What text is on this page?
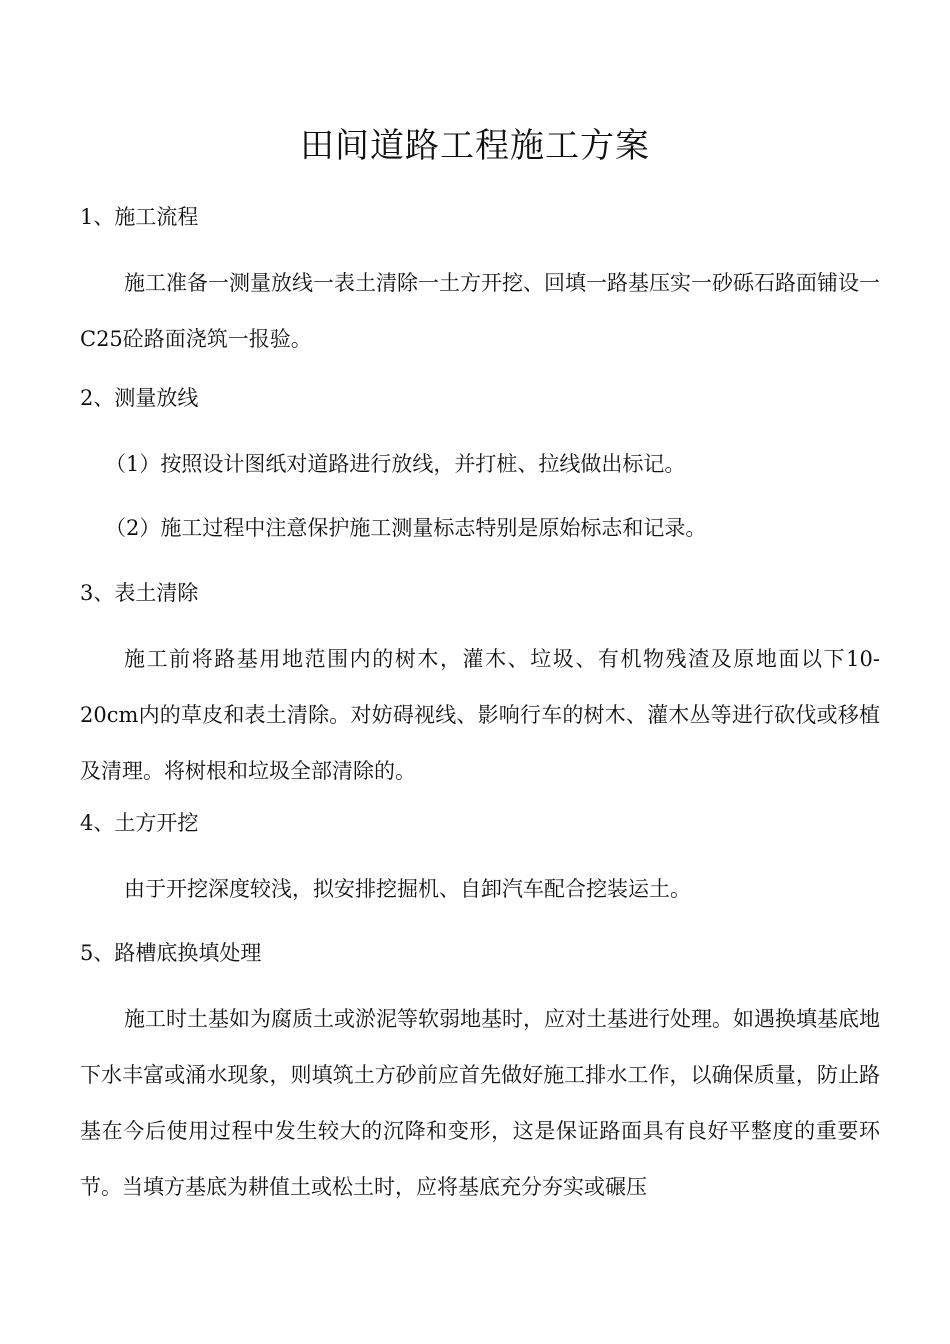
田间道路工程施工方案
1、施工流程
施工准备一测量放线一表土清除一土方开挖、回填一路基压实一砂砾石路面铺设一C25砼路面浇筑一报验。
2、测量放线
（1）按照设计图纸对道路进行放线，并打桩、拉线做出标记。
（2）施工过程中注意保护施工测量标志特别是原始标志和记录。
3、表土清除
施工前将路基用地范围内的树木，灌木、垃圾、有机物残渣及原地面以下10-20cm内的草皮和表土清除。对妨碍视线、影响行车的树木、灌木丛等进行砍伐或移植及清理。将树根和垃圾全部清除的。
4、土方开挖
由于开挖深度较浅，拟安排挖掘机、自卸汽车配合挖装运土。
5、路槽底换填处理
施工时土基如为腐质土或淤泥等软弱地基时，应对土基进行处理。如遇换填基底地下水丰富或涌水现象，则填筑土方砂前应首先做好施工排水工作，以确保质量，防止路基在今后使用过程中发生较大的沉降和变形，这是保证路面具有良好平整度的重要环节。当填方基底为耕值土或松土时，应将基底充分夯实或碾压
